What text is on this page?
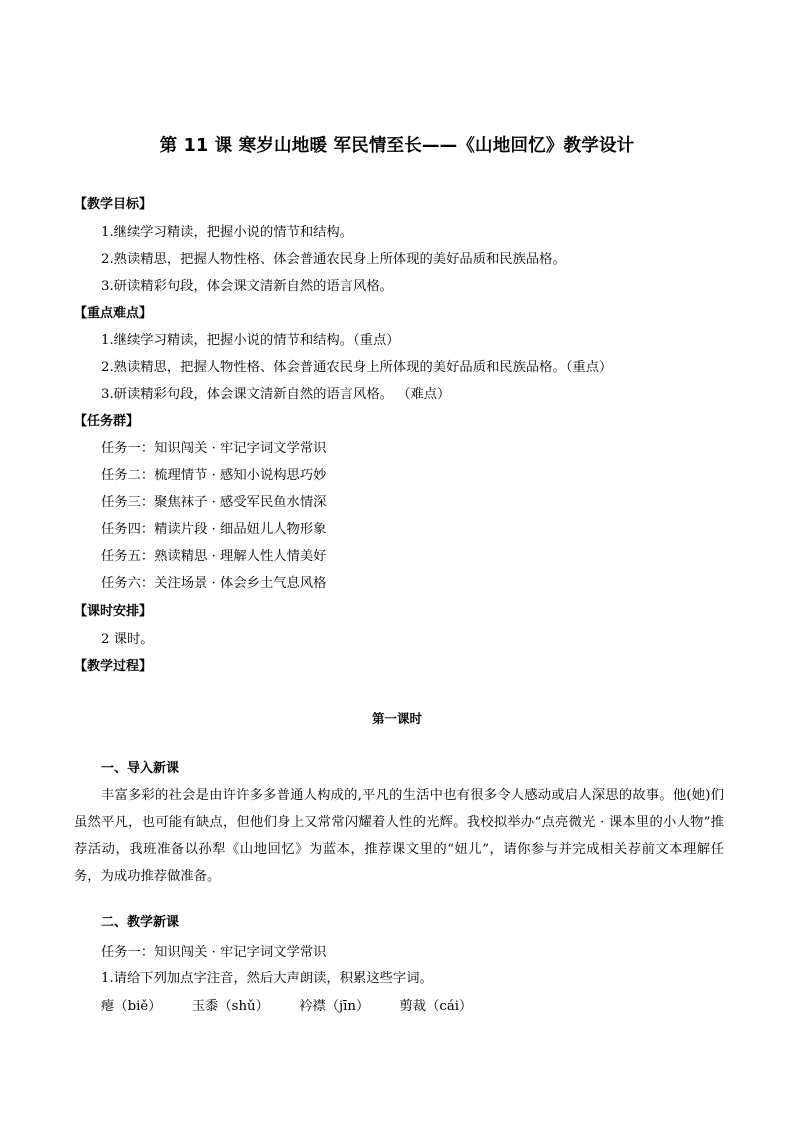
第 11 课 寒岁山地暖 军民情至长——《山地回忆》教学设计
【教学目标】
1.继续学习精读，把握小说的情节和结构。
2.熟读精思，把握人物性格、体会普通农民身上所体现的美好品质和民族品格。
3.研读精彩句段，体会课文清新自然的语言风格。
【重点难点】
1.继续学习精读，把握小说的情节和结构。（重点）
2.熟读精思，把握人物性格、体会普通农民身上所体现的美好品质和民族品格。（重点）
3.研读精彩句段，体会课文清新自然的语言风格。 （难点）
【任务群】
任务一：知识闯关 · 牢记字词文学常识
任务二：梳理情节 · 感知小说构思巧妙
任务三：聚焦袜子 · 感受军民鱼水情深
任务四：精读片段 · 细品妞儿人物形象
任务五：熟读精思 · 理解人性人情美好
任务六：关注场景 · 体会乡土气息风格
【课时安排】
2 课时。
【教学过程】
第一课时
一、导入新课
丰富多彩的社会是由许许多多普通人构成的,平凡的生活中也有很多令人感动或启人深思的故事。他(她)们虽然平凡，也可能有缺点，但他们身上又常常闪耀着人性的光辉。我校拟举办“点亮微光 · 课本里的小人物”推荐活动，我班准备以孙犁《山地回忆》为蓝本，推荐课文里的“妞儿”，请你参与并完成相关荐前文本理解任务，为成功推荐做准备。
二、教学新课
任务一：知识闯关 · 牢记字词文学常识
1.请给下列加点字注音，然后大声朗读，积累这些字词。
瘪（biě） 玉黍（shǔ） 衿襟（jīn） 剪裁（cái）
